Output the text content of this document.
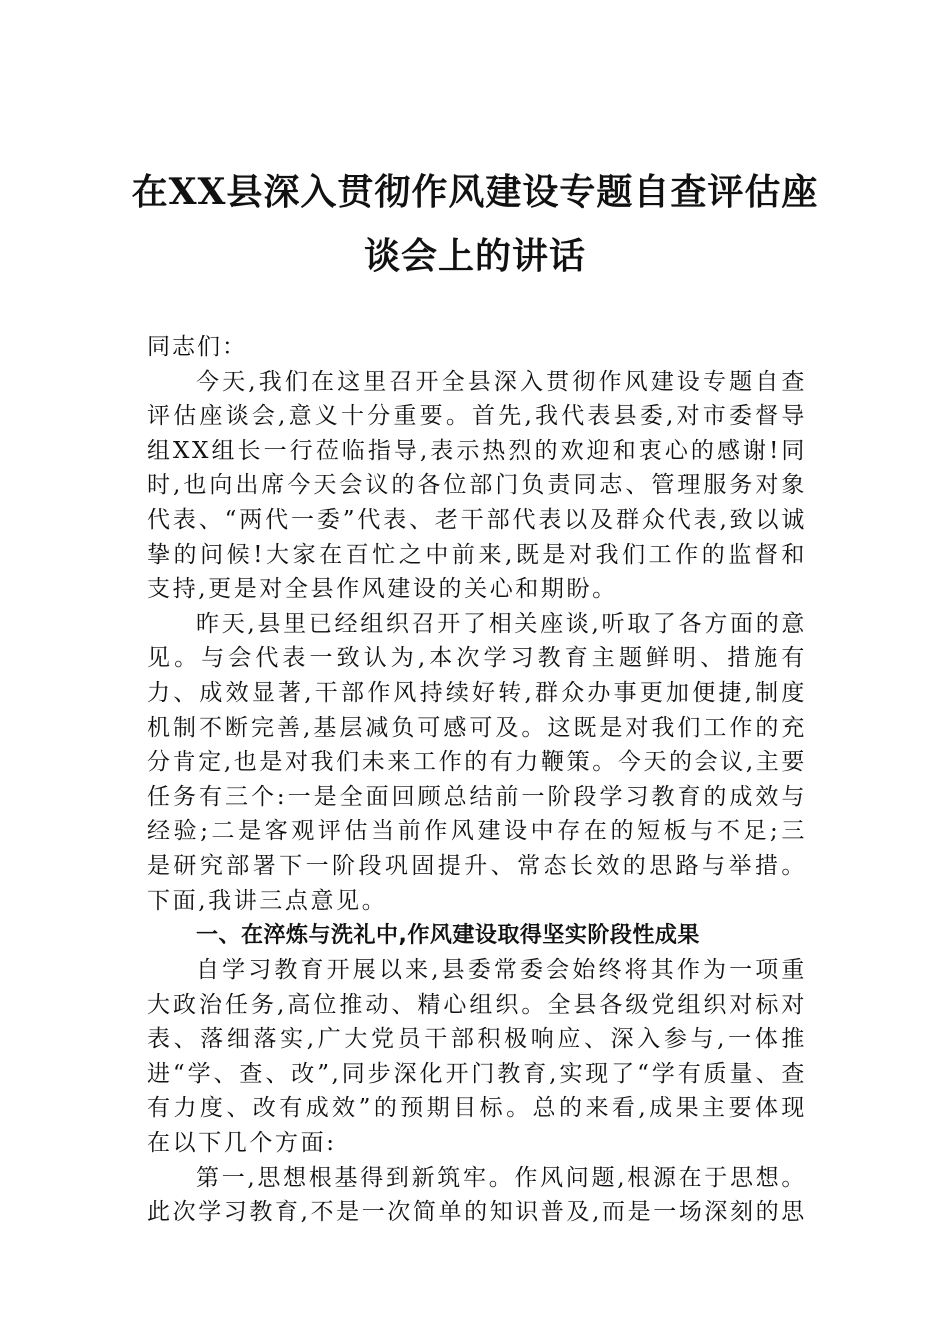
在XX县深入贯彻作风建设专题自查评估座谈会上的讲话

同志们：

今天,我们在这里召开全县深入贯彻作风建设专题自查评估座谈会,意义十分重要。首先,我代表县委,对市委督导组XX组长一行莅临指导,表示热烈的欢迎和衷心的感谢!同时,也向出席今天会议的各位部门负责同志、管理服务对象代表、“两代一委”代表、老干部代表以及群众代表,致以诚挚的问候!大家在百忙之中前来,既是对我们工作的监督和支持,更是对全县作风建设的关心和期盼。

昨天,县里已经组织召开了相关座谈,听取了各方面的意见。与会代表一致认为,本次学习教育主题鲜明、措施有力、成效显著,干部作风持续好转,群众办事更加便捷,制度机制不断完善,基层减负可感可及。这既是对我们工作的充分肯定,也是对我们未来工作的有力鞭策。今天的会议,主要任务有三个:一是全面回顾总结前一阶段学习教育的成效与经验;二是客观评估当前作风建设中存在的短板与不足;三是研究部署下一阶段巩固提升、常态长效的思路与举措。下面,我讲三点意见。

一、在淬炼与洗礼中,作风建设取得坚实阶段性成果

自学习教育开展以来,县委常委会始终将其作为一项重大政治任务,高位推动、精心组织。全县各级党组织对标对表、落细落实,广大党员干部积极响应、深入参与,一体推进“学、查、改”,同步深化开门教育,实现了“学有质量、查有力度、改有成效”的预期目标。总的来看,成果主要体现在以下几个方面:

第一,思想根基得到新筑牢。作风问题,根源在于思想。此次学习教育,不是一次简单的知识普及,而是一场深刻的思
